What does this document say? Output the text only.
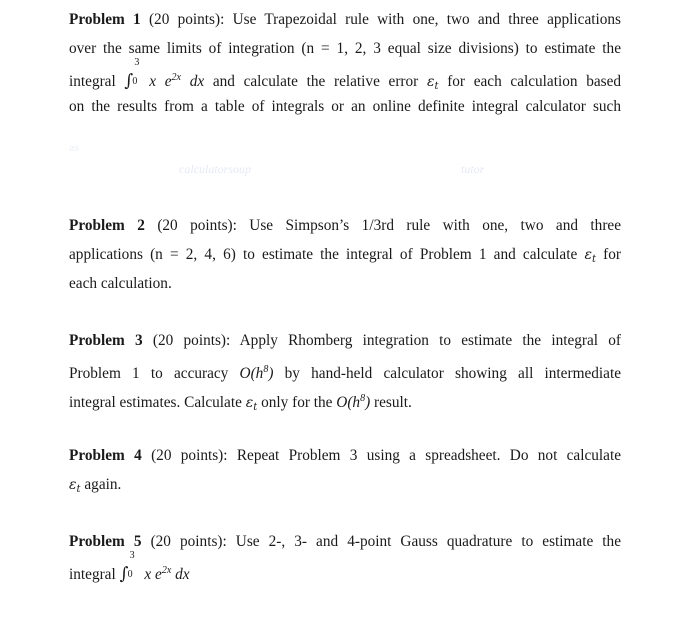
Problem 1 (20 points): Use Trapezoidal rule with one, two and three applications
over the same limits of integration (n = 1, 2, 3 equal size divisions) to estimate the
integral ∫
3
0 x $e^{2x}$ dx and calculate the relative error $\varepsilon_t$ for each calculation based
on the results from a table of integrals or an online definite integral calculator such
as
calculatorsoup	tutor
Problem 2 (20 points): Use Simpson’s 1/3rd rule with one, two and three
applications (n = 2, 4, 6) to estimate the integral of Problem 1 and calculate $\varepsilon_t$ for
each calculation.
Problem 3 (20 points): Apply Rhomberg integration to estimate the integral of
Problem 1 to accuracy $O(h^8)$ by hand-held calculator showing all intermediate
integral estimates. Calculate $\varepsilon_t$ only for the $O(h^8)$ result.
Problem 4 (20 points): Repeat Problem 3 using a spreadsheet. Do not calculate
$\varepsilon_t$ again.
Problem 5 (20 points): Use 2-, 3- and 4-point Gauss quadrature to estimate the
integral ∫
3
0 x $e^{2x}$ dx
